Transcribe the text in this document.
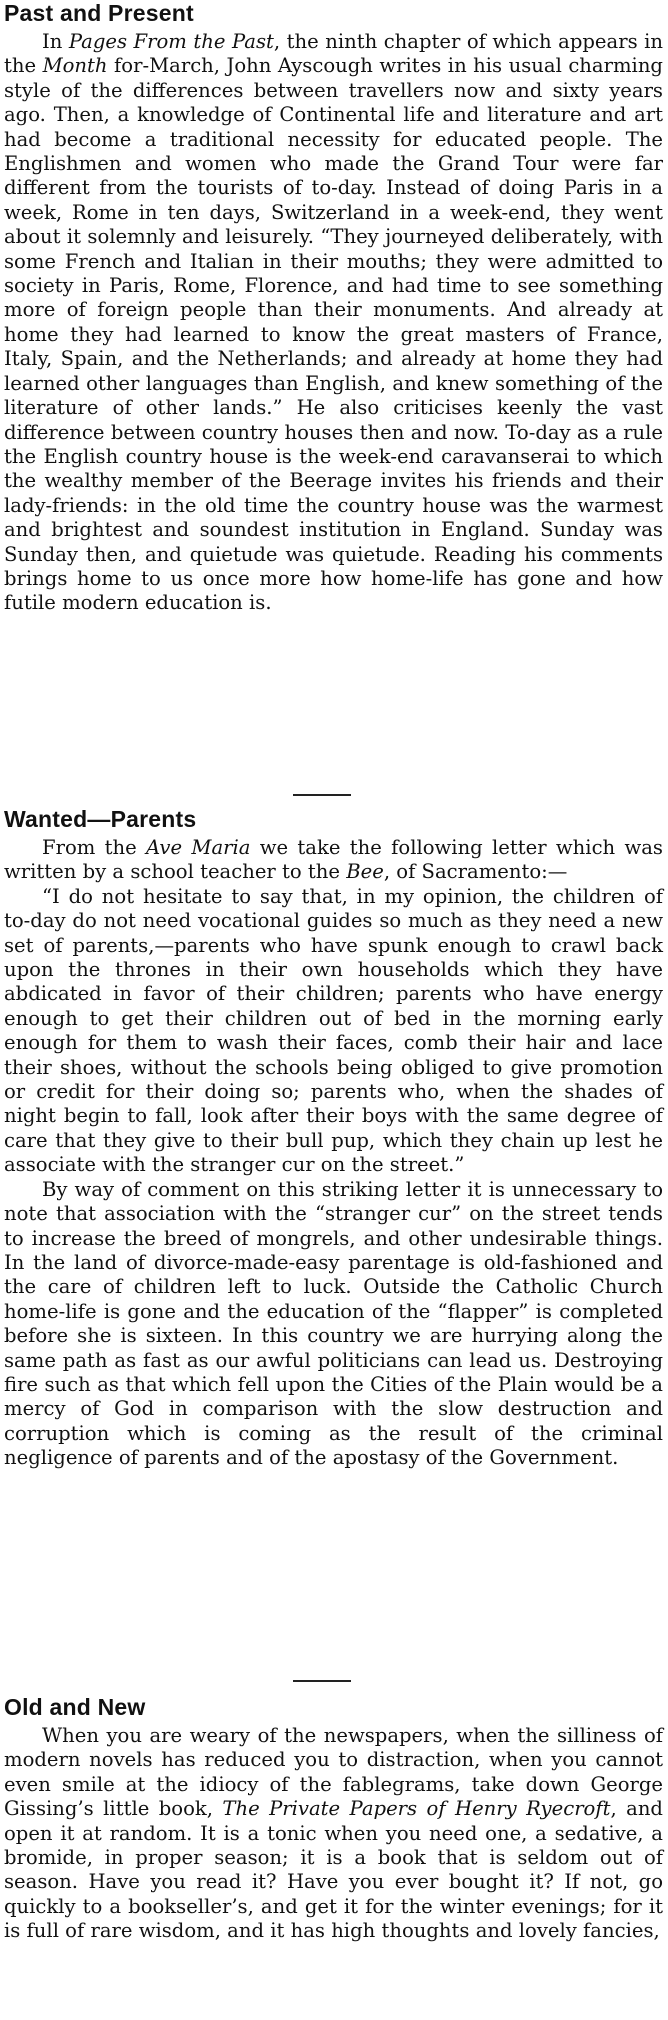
Past and Present

In Pages From the Past, the ninth chapter of which appears in the Month for-March, John Ayscough writes in his usual charming style of the differences between travellers now and sixty years ago. Then, a knowledge of Continental life and literature and art had become a traditional necessity for educated people. The Englishmen and women who made the Grand Tour were far different from the tourists of to-day. Instead of doing Paris in a week, Rome in ten days, Switzerland in a week-end, they went about it solemnly and leisurely. “They journeyed deliberately, with some French and Italian in their mouths; they were admitted to society in Paris, Rome, Florence, and had time to see something more of foreign people than their monuments. And already at home they had learned to know the great masters of France, Italy, Spain, and the Netherlands; and already at home they had learned other languages than English, and knew something of the literature of other lands.” He also criticises keenly the vast difference between country houses then and now. To-day as a rule the English country house is the week-end caravanserai to which the wealthy member of the Beerage invites his friends and their lady-friends: in the old time the country house was the warmest and brightest and soundest institution in England. Sunday was Sunday then, and quietude was quietude. Reading his comments brings home to us once more how home-life has gone and how futile modern education is.

Wanted—Parents

From the Ave Maria we take the following letter which was written by a school teacher to the Bee, of Sacramento:—

“I do not hesitate to say that, in my opinion, the children of to-day do not need vocational guides so much as they need a new set of parents,—parents who have spunk enough to crawl back upon the thrones in their own households which they have abdicated in favor of their children; parents who have energy enough to get their children out of bed in the morning early enough for them to wash their faces, comb their hair and lace their shoes, without the schools being obliged to give promotion or credit for their doing so; parents who, when the shades of night begin to fall, look after their boys with the same degree of care that they give to their bull pup, which they chain up lest he associate with the stranger cur on the street.”

By way of comment on this striking letter it is unnecessary to note that association with the “stranger cur” on the street tends to increase the breed of mongrels, and other undesirable things. In the land of divorce-made-easy parentage is old-fashioned and the care of children left to luck. Outside the Catholic Church home-life is gone and the education of the “flapper” is completed before she is sixteen. In this country we are hurrying along the same path as fast as our awful politicians can lead us. Destroying fire such as that which fell upon the Cities of the Plain would be a mercy of God in comparison with the slow destruction and corruption which is coming as the result of the criminal negligence of parents and of the apostasy of the Government.

Old and New

When you are weary of the newspapers, when the silliness of modern novels has reduced you to distraction, when you cannot even smile at the idiocy of the fablegrams, take down George Gissing’s little book, The Private Papers of Henry Ryecroft, and open it at random. It is a tonic when you need one, a sedative, a bromide, in proper season; it is a book that is seldom out of season. Have you read it? Have you ever bought it? If not, go quickly to a bookseller’s, and get it for the winter evenings; for it is full of rare wisdom, and it has high thoughts and lovely fancies,
